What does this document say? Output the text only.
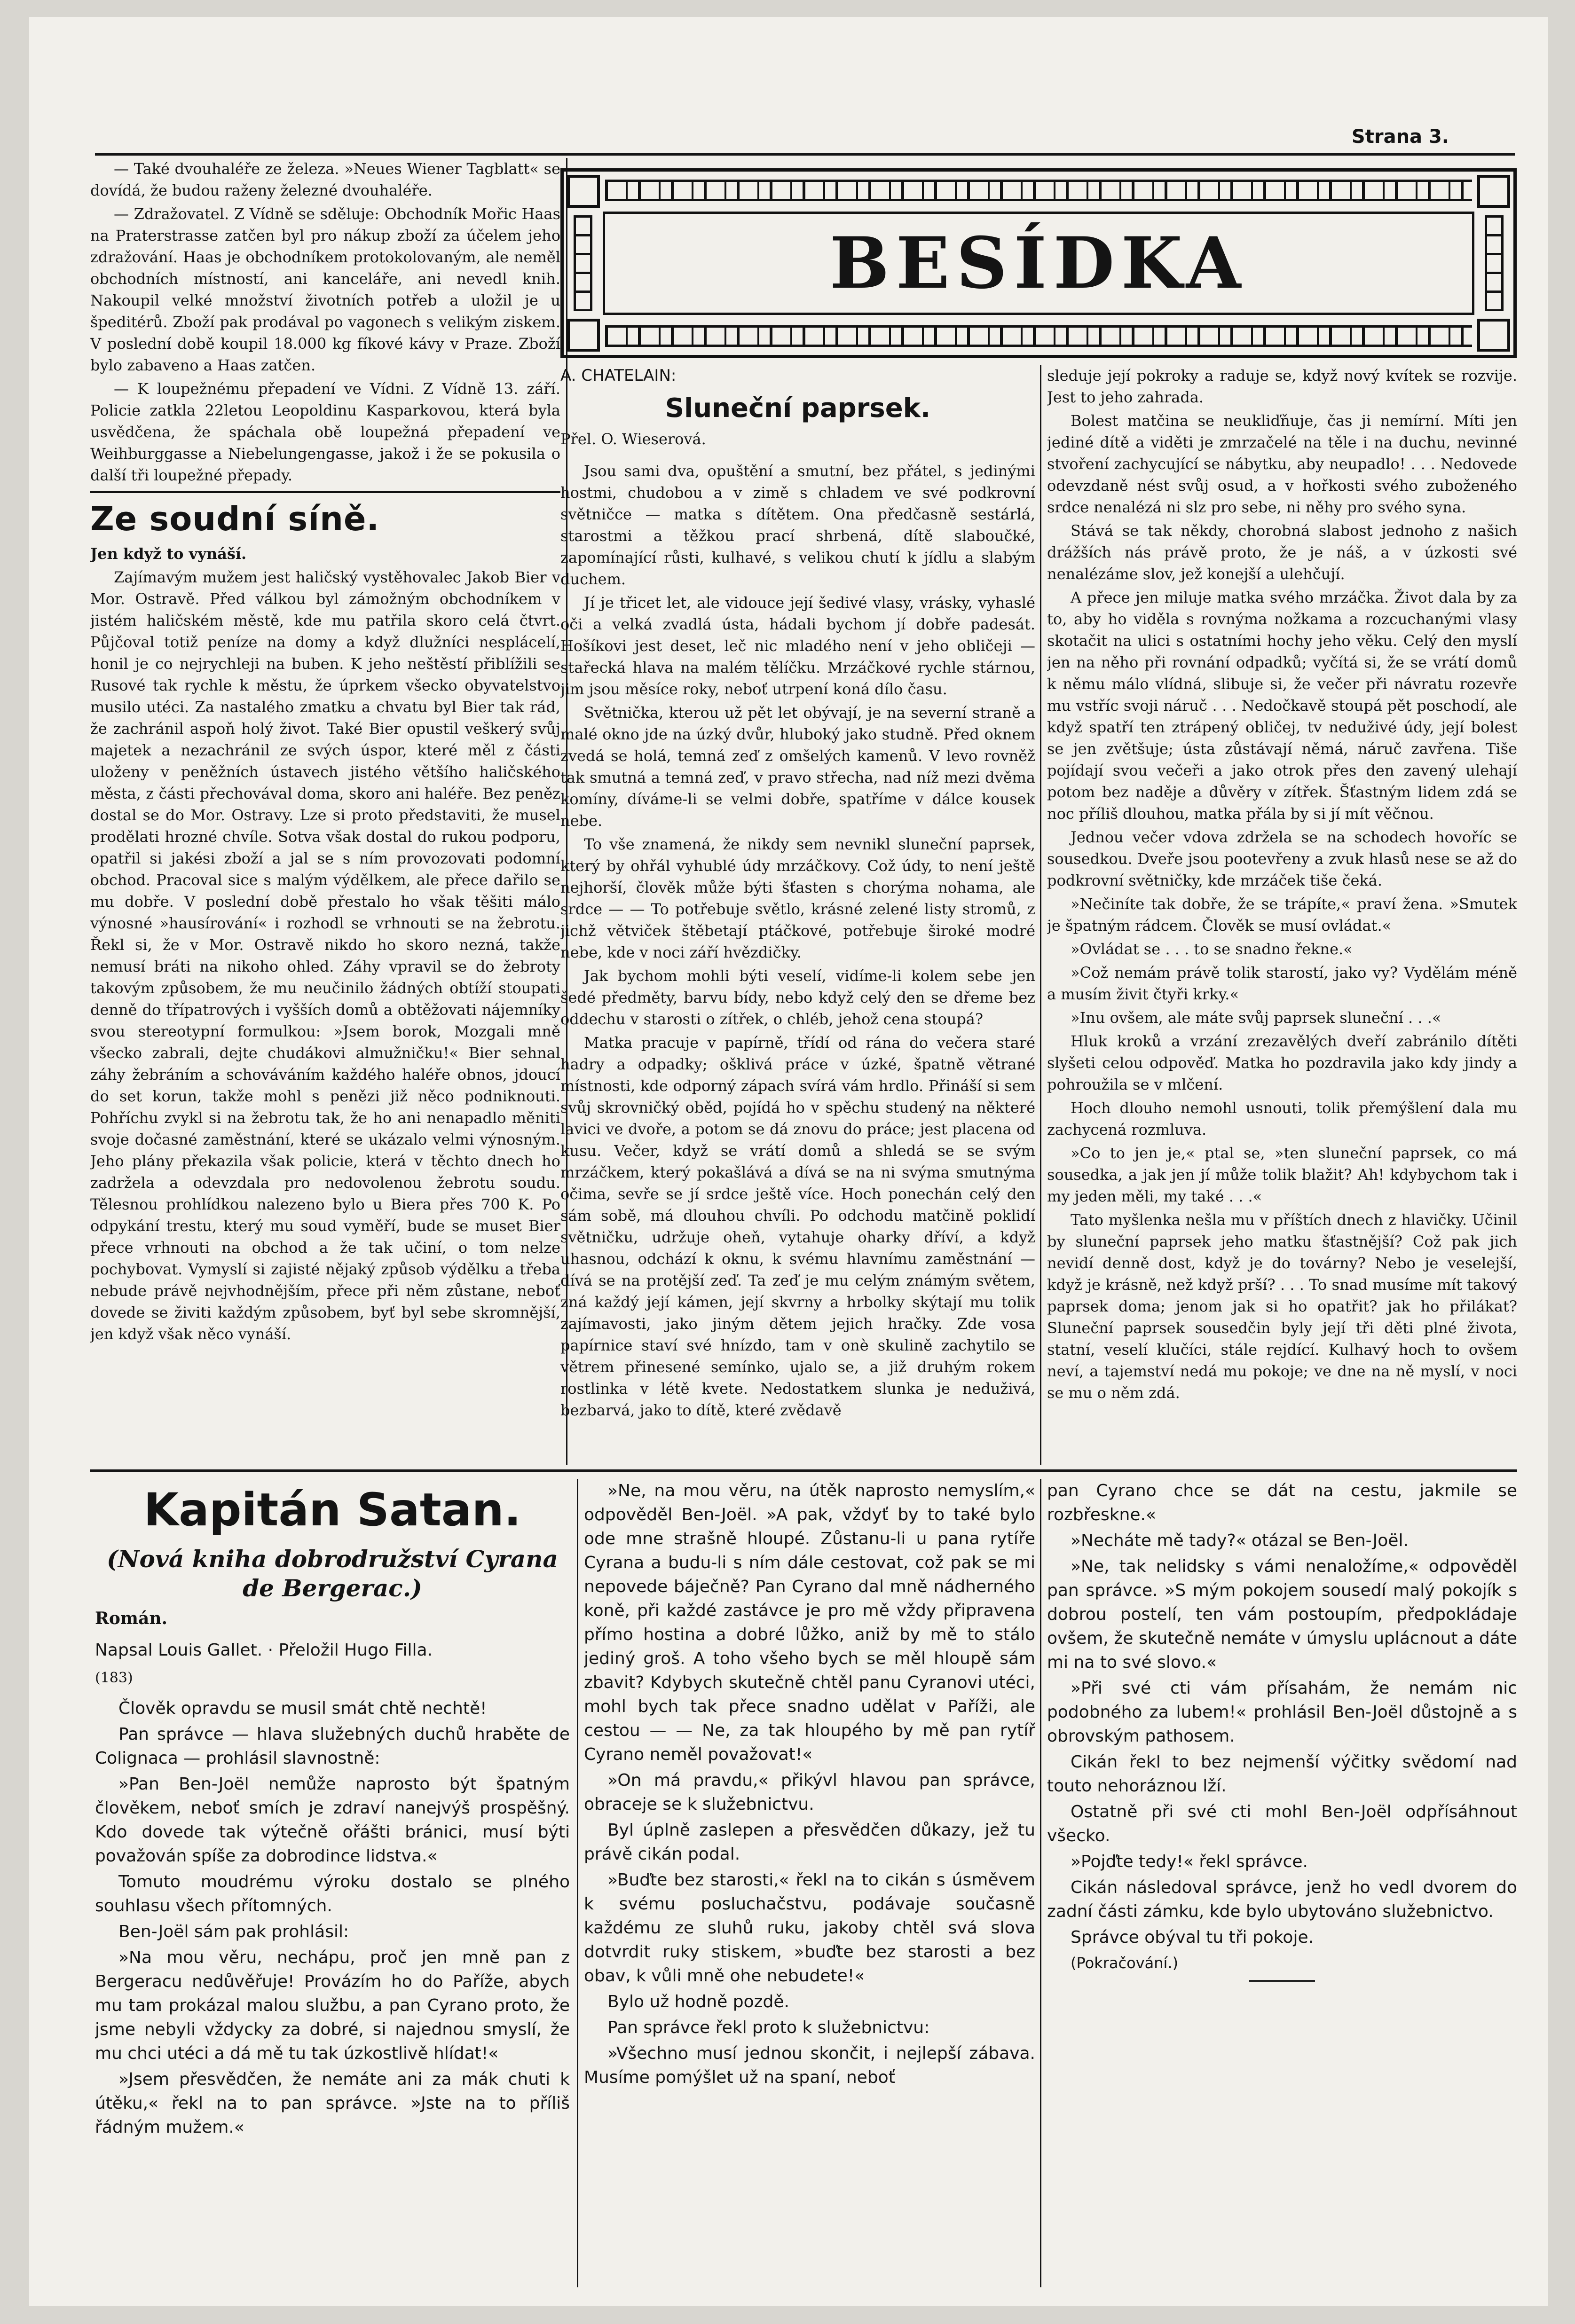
Strana 3.

— Také dvouhaléře ze železa. »Neues Wiener Tagblatt« se dovídá, že budou raženy železné dvouhaléře.

— Zdražovatel. Z Vídně se sděluje: Obchodník Mořic Haas na Praterstrasse zatčen byl pro nákup zboží za účelem jeho zdražování. Haas je obchodníkem protokolovaným, ale neměl obchodních místností, ani kanceláře, ani nevedl knih. Nakoupil velké množství životních potřeb a uložil je u špeditérů. Zboží pak prodával po vagonech s velikým ziskem. V poslední době koupil 18.000 kg fíkové kávy v Praze. Zboží bylo zabaveno a Haas zatčen.

— K loupežnému přepadení ve Vídni. Z Vídně 13. září. Policie zatkla 22letou Leopoldinu Kasparkovou, která byla usvědčena, že spáchala obě loupežná přepadení ve Weihburggasse a Niebelungengasse, jakož i že se pokusila o další tři loupežné přepady.

Ze soudní síně.

Jen když to vynáší.

Zajímavým mužem jest haličský vystěhovalec Jakob Bier v Mor. Ostravě. Před válkou byl zámožným obchodníkem v jistém haličském městě, kde mu patřila skoro celá čtvrt. Půjčoval totiž peníze na domy a když dlužníci nesplácelí, honil je co nejrychleji na buben. K jeho neštěstí přiblížili se Rusové tak rychle k městu, že úprkem všecko obyvatelstvo musilo utéci. Za nastalého zmatku a chvatu byl Bier tak rád, že zachránil aspoň holý život. Také Bier opustil veškerý svůj majetek a nezachránil ze svých úspor, které měl z části uloženy v peněžních ústavech jistého většího haličského města, z části přechovával doma, skoro ani haléře. Bez peněz dostal se do Mor. Ostravy. Lze si proto představiti, že musel prodělati hrozné chvíle. Sotva však dostal do rukou podporu, opatřil si jakési zboží a jal se s ním provozovati podomní obchod. Pracoval sice s malým výdělkem, ale přece dařilo se mu dobře. V poslední době přestalo ho však těšiti málo výnosné »hausírování« i rozhodl se vrhnouti se na žebrotu. Řekl si, že v Mor. Ostravě nikdo ho skoro nezná, takže nemusí bráti na nikoho ohled. Záhy vpravil se do žebroty takovým způsobem, že mu neučinilo žádných obtíží stoupati denně do třípatrových i vyšších domů a obtěžovati nájemníky svou stereotypní formulkou: »Jsem borok, Mozgali mně všecko zabrali, dejte chudákovi almužničku!« Bier sehnal záhy žebráním a schováváním každého haléře obnos, jdoucí do set korun, takže mohl s penězi již něco podniknouti. Pohříchu zvykl si na žebrotu tak, že ho ani nenapadlo měniti svoje dočasné zaměstnání, které se ukázalo velmi výnosným. Jeho plány překazila však policie, která v těchto dnech ho zadržela a odevzdala pro nedovolenou žebrotu soudu. Tělesnou prohlídkou nalezeno bylo u Biera přes 700 K. Po odpykání trestu, který mu soud vyměří, bude se muset Bier přece vrhnouti na obchod a že tak učiní, o tom nelze pochybovat. Vymyslí si zajisté nějaký způsob výdělku a třeba nebude právě nejvhodnějším, přece při něm zůstane, neboť dovede se živiti každým způsobem, byť byl sebe skromnější, jen když však něco vynáší.

BESÍDKA

A. CHATELAIN:

Sluneční paprsek.

Přel. O. Wieserová.

Jsou sami dva, opuštění a smutní, bez přátel, s jedinými hostmi, chudobou a v zimě s chladem ve své podkrovní světničce — matka s dítětem. Ona předčasně sestárlá, starostmi a těžkou prací shrbená, dítě slaboučké, zapomínající růsti, kulhavé, s velikou chutí k jídlu a slabým duchem.

Jí je třicet let, ale vidouce její šedivé vlasy, vrásky, vyhaslé oči a velká zvadlá ústa, hádali bychom jí dobře padesát. Hošíkovi jest deset, leč nic mladého není v jeho obličeji — stařecká hlava na malém tělíčku. Mrzáčkové rychle stárnou, jim jsou měsíce roky, neboť utrpení koná dílo času.

Světnička, kterou už pět let obývají, je na severní straně a malé okno jde na úzký dvůr, hluboký jako studně. Před oknem zvedá se holá, temná zeď z omšelých kamenů. V levo rovněž tak smutná a temná zeď, v pravo střecha, nad níž mezi dvěma komíny, díváme-li se velmi dobře, spatříme v dálce kousek nebe.

To vše znamená, že nikdy sem nevnikl sluneční paprsek, který by ohřál vyhublé údy mrzáčkovy. Což údy, to není ještě nejhorší, člověk může býti šťasten s chorýma nohama, ale srdce — — To potřebuje světlo, krásné zelené listy stromů, z jichž větviček štěbetají ptáčkové, potřebuje široké modré nebe, kde v noci září hvězdičky.

Jak bychom mohli býti veselí, vidíme-li kolem sebe jen šedé předměty, barvu bídy, nebo když celý den se dřeme bez oddechu v starosti o zítřek, o chléb, jehož cena stoupá?

Matka pracuje v papírně, třídí od rána do večera staré hadry a odpadky; ošklivá práce v úzké, špatně větrané místnosti, kde odporný zápach svírá vám hrdlo. Přináší si sem svůj skrovničký oběd, pojídá ho v spěchu studený na některé lavici ve dvoře, a potom se dá znovu do práce; jest placena od kusu. Večer, když se vrátí domů a shledá se se svým mrzáčkem, který pokašlává a dívá se na ni svýma smutnýma očima, sevře se jí srdce ještě více. Hoch ponechán celý den sám sobě, má dlouhou chvíli. Po odchodu matčině poklidí světničku, udržuje oheň, vytahuje oharky dříví, a když uhasnou, odchází k oknu, k svému hlavnímu zaměstnání — dívá se na protější zeď. Ta zeď je mu celým známým světem, zná každý její kámen, její skvrny a hrbolky skýtají mu tolik zajímavosti, jako jiným dětem jejich hračky. Zde vosa papírnice staví své hnízdo, tam v onè skulině zachytilo se větrem přinesené semínko, ujalo se, a již druhým rokem rostlinka v létě kvete. Nedostatkem slunka je neduživá, bezbarvá, jako to dítě, které zvědavě

sleduje její pokroky a raduje se, když nový kvítek se rozvije. Jest to jeho zahrada.

Bolest matčina se neukliďňuje, čas ji nemírní. Míti jen jediné dítě a viděti je zmrzačelé na těle i na duchu, nevinné stvoření zachycující se nábytku, aby neupadlo! . . . Nedovede odevzdaně nést svůj osud, a v hořkosti svého zuboženého srdce nenalézá ni slz pro sebe, ni něhy pro svého syna.

Stává se tak někdy, chorobná slabost jednoho z našich drážších nás právě proto, že je náš, a v úzkosti své nenalézáme slov, jež konejší a ulehčují.

A přece jen miluje matka svého mrzáčka. Život dala by za to, aby ho viděla s rovnýma nožkama a rozcuchanými vlasy skotačit na ulici s ostatními hochy jeho věku. Celý den myslí jen na něho při rovnání odpadků; vyčítá si, že se vrátí domů k němu málo vlídná, slibuje si, že večer při návratu rozevře mu vstříc svoji náruč . . . Nedočkavě stoupá pět poschodí, ale když spatří ten ztrápený obličej, tv neduživé údy, její bolest se jen zvětšuje; ústa zůstávají němá, náruč zavřena. Tiše pojídají svou večeři a jako otrok přes den zavený ulehají potom bez naděje a důvěry v zítřek. Šťastným lidem zdá se noc příliš dlouhou, matka přála by si jí mít věčnou.

Jednou večer vdova zdržela se na schodech hovoříc se sousedkou. Dveře jsou pootevřeny a zvuk hlasů nese se až do podkrovní světničky, kde mrzáček tiše čeká.

»Nečiníte tak dobře, že se trápíte,« praví žena. »Smutek je špatným rádcem. Člověk se musí ovládat.«

»Ovládat se . . . to se snadno řekne.«

»Což nemám právě tolik starostí, jako vy? Vydělám méně a musím živit čtyři krky.«

»Inu ovšem, ale máte svůj paprsek sluneční . . .«

Hluk kroků a vrzání zrezavělých dveří zabránilo dítěti slyšeti celou odpověď. Matka ho pozdravila jako kdy jindy a pohroužila se v mlčení.

Hoch dlouho nemohl usnouti, tolik přemýšlení dala mu zachycená rozmluva.

»Co to jen je,« ptal se, »ten sluneční paprsek, co má sousedka, a jak jen jí může tolik blažit? Ah! kdybychom tak i my jeden měli, my také . . .«

Tato myšlenka nešla mu v příštích dnech z hlavičky. Učinil by sluneční paprsek jeho matku šťastnější? Což pak jich nevidí denně dost, když je do továrny? Nebo je veselejší, když je krásně, než když prší? . . . To snad musíme mít takový paprsek doma; jenom jak si ho opatřit? jak ho přilákat? Sluneční paprsek sousedčin byly její tři děti plné života, statní, veselí klučíci, stále rejdící. Kulhavý hoch to ovšem neví, a tajemství nedá mu pokoje; ve dne na ně myslí, v noci se mu o něm zdá.

Kapitán Satan.
(Nová kniha dobrodružství Cyrana de Bergerac.)

Román.

Napsal Louis Gallet. · Přeložil Hugo Filla.

(183)

Člověk opravdu se musil smát chtě nechtě!

Pan správce — hlava služebných duchů hraběte de Colignaca — prohlásil slavnostně:

»Pan Ben-Joël nemůže naprosto být špatným člověkem, neboť smích je zdraví nanejvýš prospěšný. Kdo dovede tak výtečně ořášti bránici, musí býti považován spíše za dobrodince lidstva.«

Tomuto moudrému výroku dostalo se plného souhlasu všech přítomných.

Ben-Joël sám pak prohlásil:

»Na mou věru, nechápu, proč jen mně pan z Bergeracu nedůvěřuje! Provázím ho do Paříže, abych mu tam prokázal malou službu, a pan Cyrano proto, že jsme nebyli vždycky za dobré, si najednou smyslí, že mu chci utéci a dá mě tu tak úzkostlivě hlídat!«

»Jsem přesvědčen, že nemáte ani za mák chuti k útěku,« řekl na to pan správce. »Jste na to příliš řádným mužem.«

»Ne, na mou věru, na útěk naprosto nemyslím,« odpověděl Ben-Joël. »A pak, vždyť by to také bylo ode mne strašně hloupé. Zůstanu-li u pana rytíře Cyrana a budu-li s ním dále cestovat, což pak se mi nepovede báječně? Pan Cyrano dal mně nádherného koně, při každé zastávce je pro mě vždy připravena přímo hostina a dobré lůžko, aniž by mě to stálo jediný groš. A toho všeho bych se měl hloupě sám zbavit? Kdybych skutečně chtěl panu Cyranovi utéci, mohl bych tak přece snadno udělat v Paříži, ale cestou — — Ne, za tak hloupého by mě pan rytíř Cyrano neměl považovat!«

»On má pravdu,« přikývl hlavou pan správce, obraceje se k služebnictvu.

Byl úplně zaslepen a přesvědčen důkazy, jež tu právě cikán podal.

»Buďte bez starosti,« řekl na to cikán s úsměvem k svému posluchačstvu, podávaje současně každému ze sluhů ruku, jakoby chtěl svá slova dotvrdit ruky stiskem, »buďte bez starosti a bez obav, k vůli mně ohe nebudete!«

Bylo už hodně pozdě.

Pan správce řekl proto k služebnictvu:

»Všechno musí jednou skončit, i nejlepší zábava. Musíme pomýšlet už na spaní, neboť

pan Cyrano chce se dát na cestu, jakmile se rozbřeskne.«

»Necháte mě tady?« otázal se Ben-Joël.

»Ne, tak nelidsky s vámi nenaložíme,« odpověděl pan správce. »S mým pokojem sousedí malý pokojík s dobrou postelí, ten vám postoupím, předpokládaje ovšem, že skutečně nemáte v úmyslu uplácnout a dáte mi na to své slovo.«

»Při své cti vám přísahám, že nemám nic podobného za lubem!« prohlásil Ben-Joël důstojně a s obrovským pathosem.

Cikán řekl to bez nejmenší výčitky svědomí nad touto nehoráznou lží.

Ostatně při své cti mohl Ben-Joël odpřísáhnout všecko.

»Pojďte tedy!« řekl správce.

Cikán následoval správce, jenž ho vedl dvorem do zadní části zámku, kde bylo ubytováno služebnictvo.

Správce obýval tu tři pokoje.

(Pokračování.)
